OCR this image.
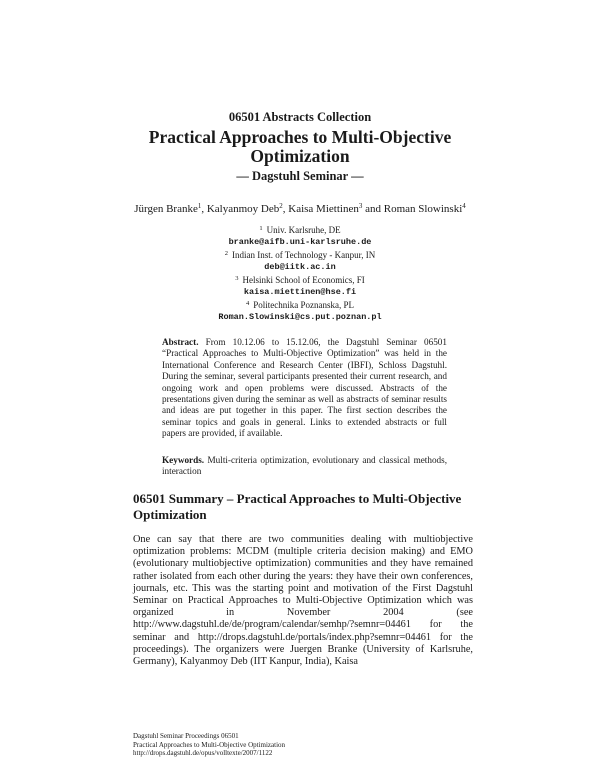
06501 Abstracts Collection
Practical Approaches to Multi-Objective
Optimization
— Dagstuhl Seminar —
Jürgen Branke$^1$, Kalyanmoy Deb$^2$, Kaisa Miettinen$^3$ and Roman Slowinski$^4$
$^1$ Univ. Karlsruhe, DE
branke@aifb.uni-karlsruhe.de
$^2$ Indian Inst. of Technology - Kanpur, IN
deb@iitk.ac.in
$^3$ Helsinki School of Economics, FI
kaisa.miettinen@hse.fi
$^4$ Politechnika Poznanska, PL
Roman.Slowinski@cs.put.poznan.pl
Abstract. From 10.12.06 to 15.12.06, the Dagstuhl Seminar 06501 “Practical Approaches to Multi-Objective Optimization” was held in the International Conference and Research Center (IBFI), Schloss Dagstuhl. During the seminar, several participants presented their current research, and ongoing work and open problems were discussed. Abstracts of the presentations given during the seminar as well as abstracts of seminar results and ideas are put together in this paper. The first section describes the seminar topics and goals in general. Links to extended abstracts or full papers are provided, if available.
Keywords. Multi-criteria optimization, evolutionary and classical methods, interaction
06501 Summary – Practical Approaches to Multi-Objective Optimization
One can say that there are two communities dealing with multiobjective optimization problems: MCDM (multiple criteria decision making) and EMO (evolutionary multiobjective optimization) communities and they have remained rather isolated from each other during the years: they have their own conferences, journals, etc. This was the starting point and motivation of the First Dagstuhl Seminar on Practical Approaches to Multi-Objective Optimization which was organized in November 2004 (see http://www.dagstuhl.de/de/program/calendar/semhp/?semnr=04461 for the seminar and http://drops.dagstuhl.de/portals/index.php?semnr=04461 for the proceedings). The organizers were Juergen Branke (University of Karlsruhe, Germany), Kalyanmoy Deb (IIT Kanpur, India), Kaisa
Dagstuhl Seminar Proceedings 06501
Practical Approaches to Multi-Objective Optimization
http://drops.dagstuhl.de/opus/volltexte/2007/1122
